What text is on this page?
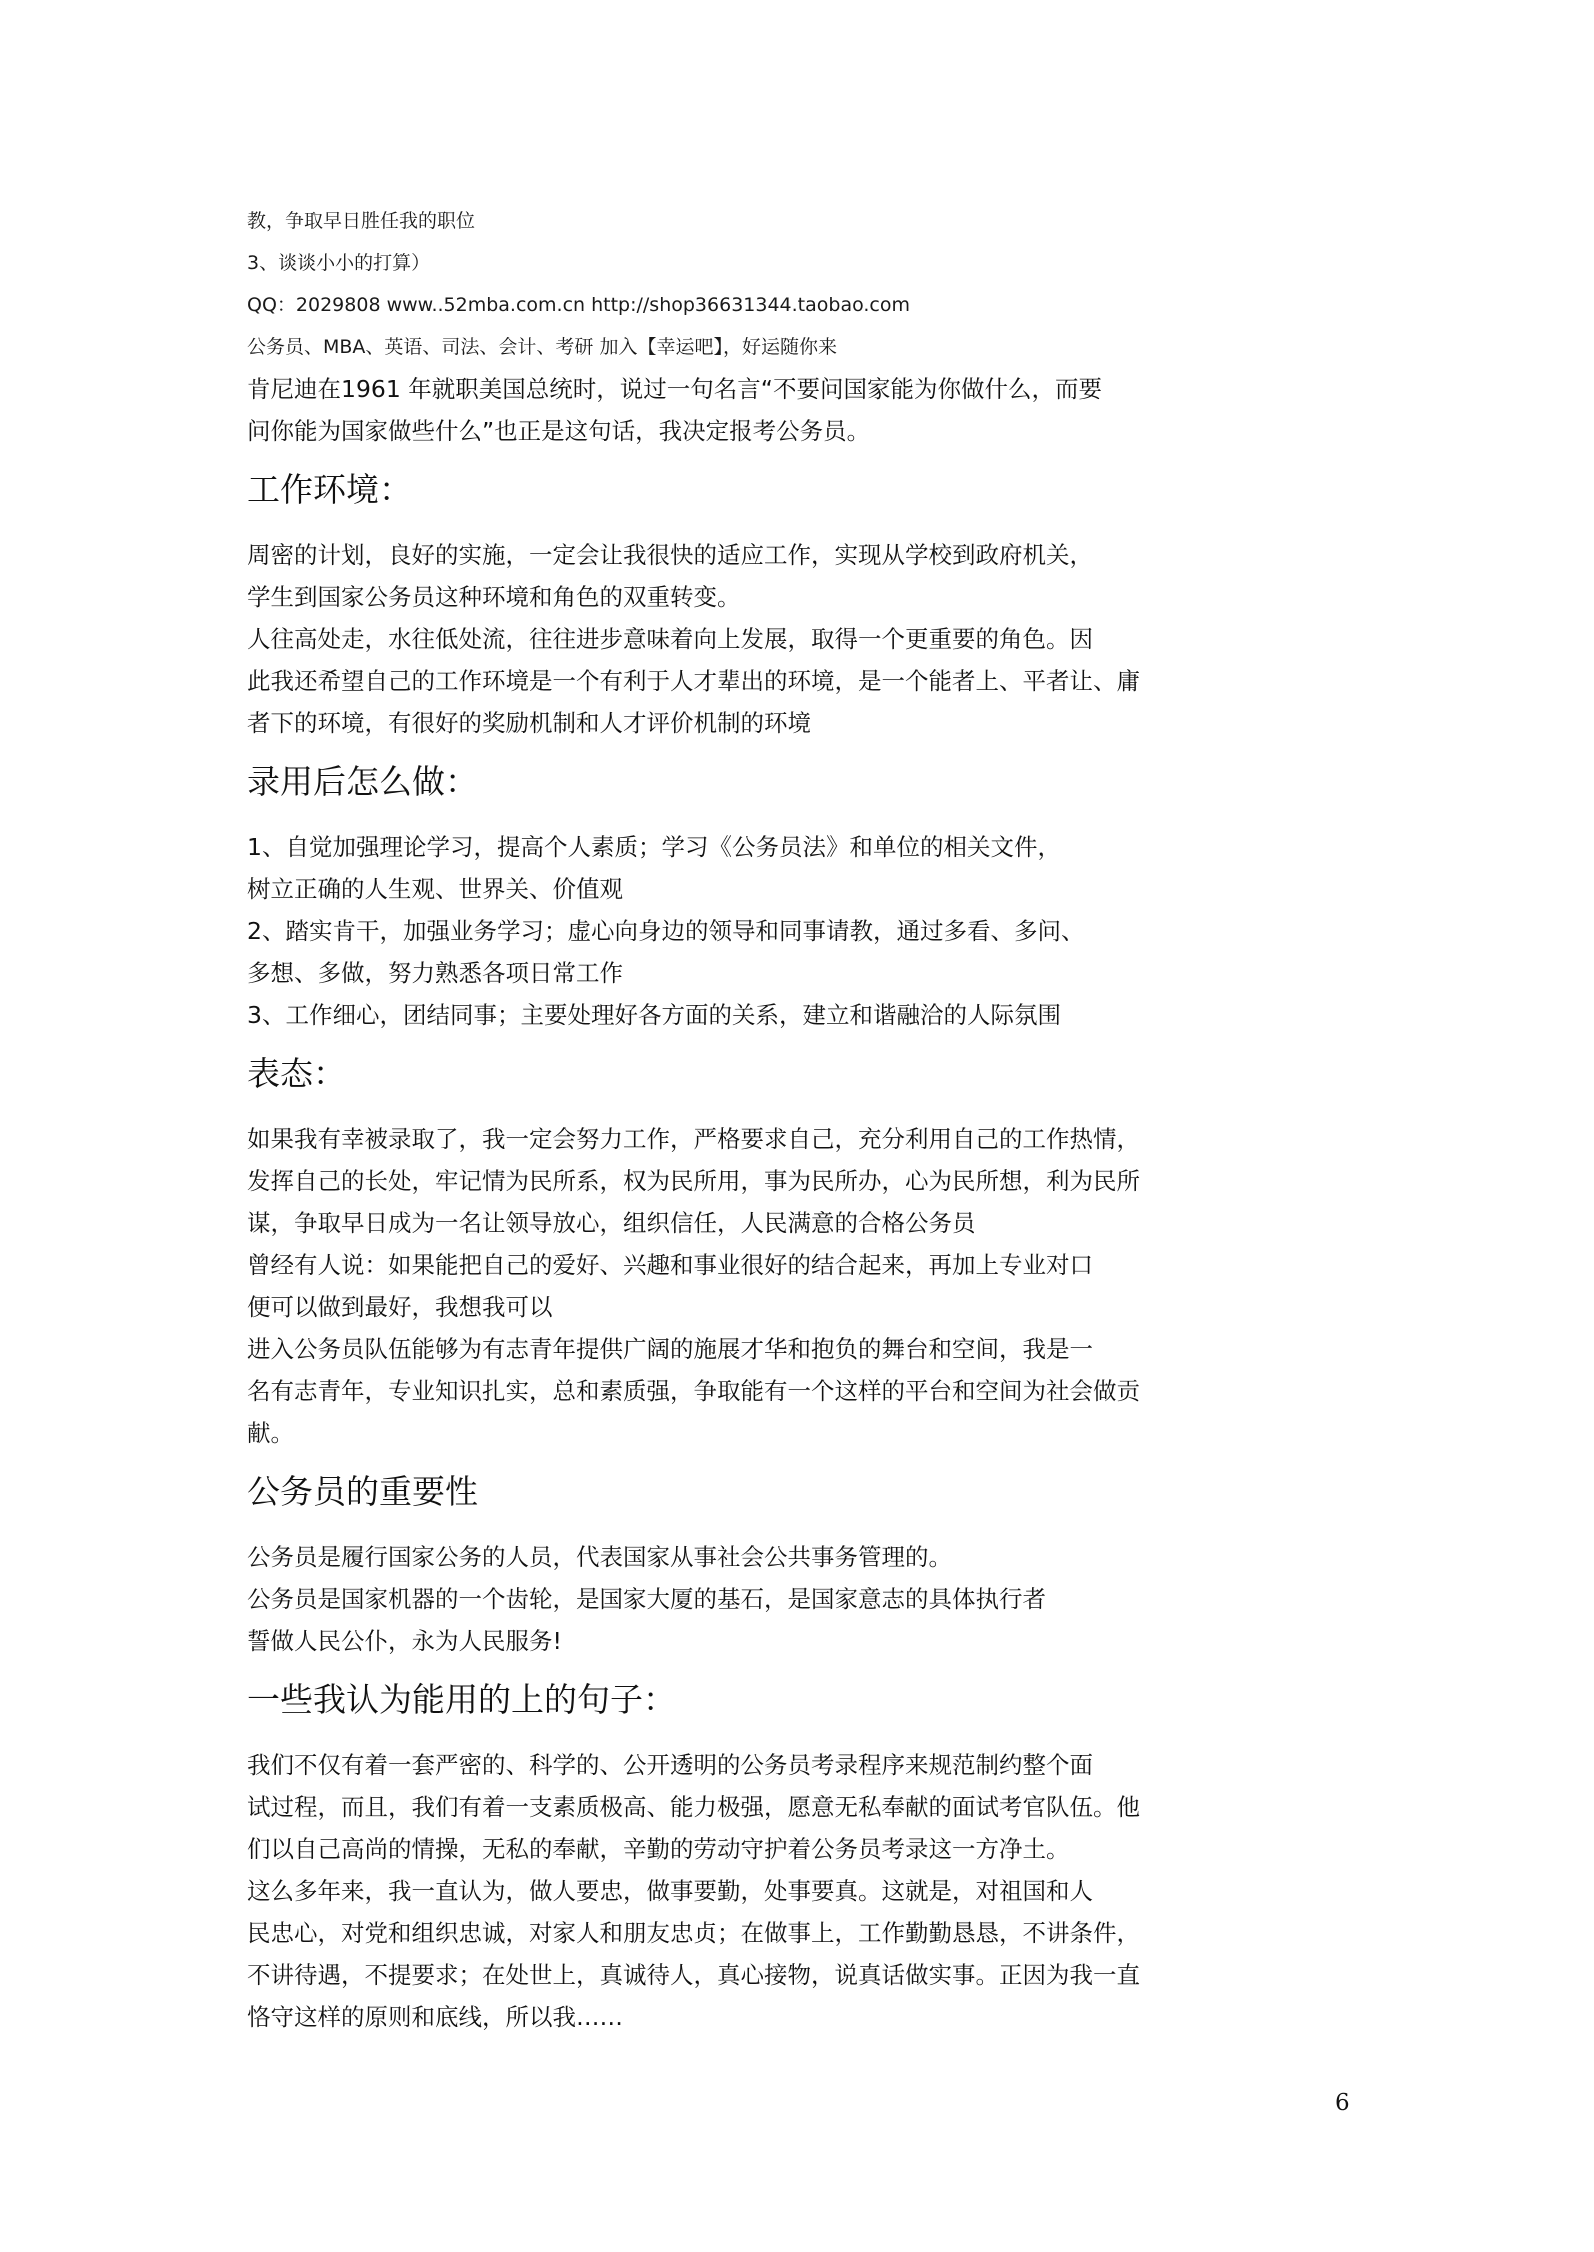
教，争取早日胜任我的职位
3、谈谈小小的打算）
QQ：2029808 www..52mba.com.cn http://shop36631344.taobao.com
公务员、MBA、英语、司法、会计、考研 加入【幸运吧】，好运随你来
肯尼迪在1961 年就职美国总统时，说过一句名言“不要问国家能为你做什么，而要
问你能为国家做些什么”也正是这句话，我决定报考公务员。
工作环境：
周密的计划，良好的实施，一定会让我很快的适应工作，实现从学校到政府机关，
学生到国家公务员这种环境和角色的双重转变。
人往高处走，水往低处流，往往进步意味着向上发展，取得一个更重要的角色。因
此我还希望自己的工作环境是一个有利于人才辈出的环境，是一个能者上、平者让、庸
者下的环境，有很好的奖励机制和人才评价机制的环境
录用后怎么做：
1、自觉加强理论学习，提高个人素质；学习《公务员法》和单位的相关文件，
树立正确的人生观、世界关、价值观
2、踏实肯干，加强业务学习；虚心向身边的领导和同事请教，通过多看、多问、
多想、多做，努力熟悉各项日常工作
3、工作细心，团结同事；主要处理好各方面的关系，建立和谐融洽的人际氛围
表态：
如果我有幸被录取了，我一定会努力工作，严格要求自己，充分利用自己的工作热情，
发挥自己的长处，牢记情为民所系，权为民所用，事为民所办，心为民所想，利为民所
谋，争取早日成为一名让领导放心，组织信任，人民满意的合格公务员
曾经有人说：如果能把自己的爱好、兴趣和事业很好的结合起来，再加上专业对口
便可以做到最好，我想我可以
进入公务员队伍能够为有志青年提供广阔的施展才华和抱负的舞台和空间，我是一
名有志青年，专业知识扎实，总和素质强，争取能有一个这样的平台和空间为社会做贡
献。
公务员的重要性
公务员是履行国家公务的人员，代表国家从事社会公共事务管理的。
公务员是国家机器的一个齿轮，是国家大厦的基石，是国家意志的具体执行者
誓做人民公仆，永为人民服务!
一些我认为能用的上的句子：
我们不仅有着一套严密的、科学的、公开透明的公务员考录程序来规范制约整个面
试过程，而且，我们有着一支素质极高、能力极强，愿意无私奉献的面试考官队伍。他
们以自己高尚的情操，无私的奉献，辛勤的劳动守护着公务员考录这一方净土。
这么多年来，我一直认为，做人要忠，做事要勤，处事要真。这就是，对祖国和人
民忠心，对党和组织忠诚，对家人和朋友忠贞；在做事上，工作勤勤恳恳，不讲条件，
不讲待遇，不提要求；在处世上，真诚待人，真心接物，说真话做实事。正因为我一直
恪守这样的原则和底线，所以我……
6
